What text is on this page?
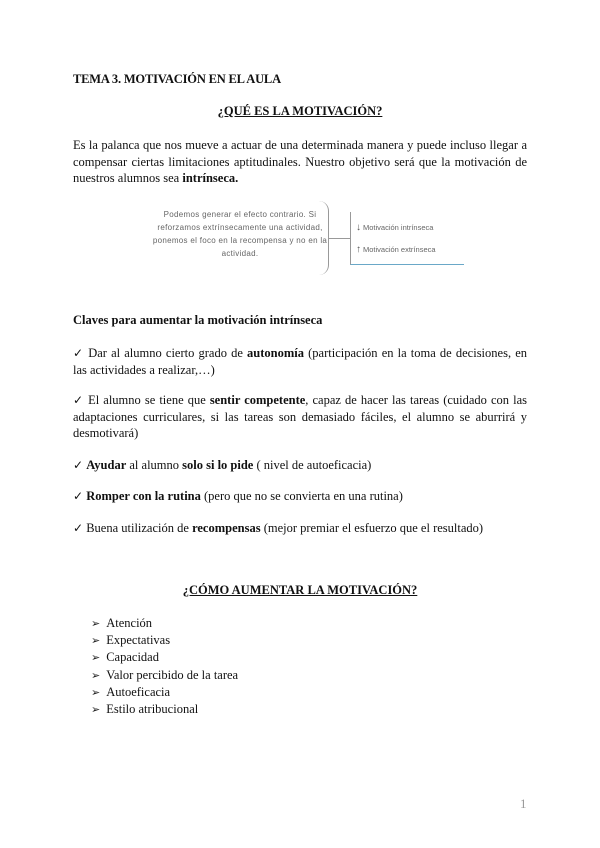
TEMA 3. MOTIVACIÓN EN EL AULA
¿QUÉ ES LA MOTIVACIÓN?
Es la palanca que nos mueve a actuar de una determinada manera y puede incluso llegar a compensar ciertas limitaciones aptitudinales. Nuestro objetivo será que la motivación de nuestros alumnos sea intrínseca.
Podemos generar el efecto contrario. Si reforzamos extrínsecamente una actividad, ponemos el foco en la recompensa y no en la actividad.
↓ Motivación intrínseca
↑ Motivación extrínseca
Claves para aumentar la motivación intrínseca
✓ Dar al alumno cierto grado de autonomía (participación en la toma de decisiones, en las actividades a realizar,…)
✓ El alumno se tiene que sentir competente, capaz de hacer las tareas (cuidado con las adaptaciones curriculares, si las tareas son demasiado fáciles, el alumno se aburrirá y desmotivará)
✓ Ayudar al alumno solo si lo pide ( nivel de autoeficacia)
✓ Romper con la rutina (pero que no se convierta en una rutina)
✓ Buena utilización de recompensas (mejor premiar el esfuerzo que el resultado)
¿CÓMO AUMENTAR LA MOTIVACIÓN?
➢ Atención
➢ Expectativas
➢ Capacidad
➢ Valor percibido de la tarea
➢ Autoeficacia
➢ Estilo atribucional
1
